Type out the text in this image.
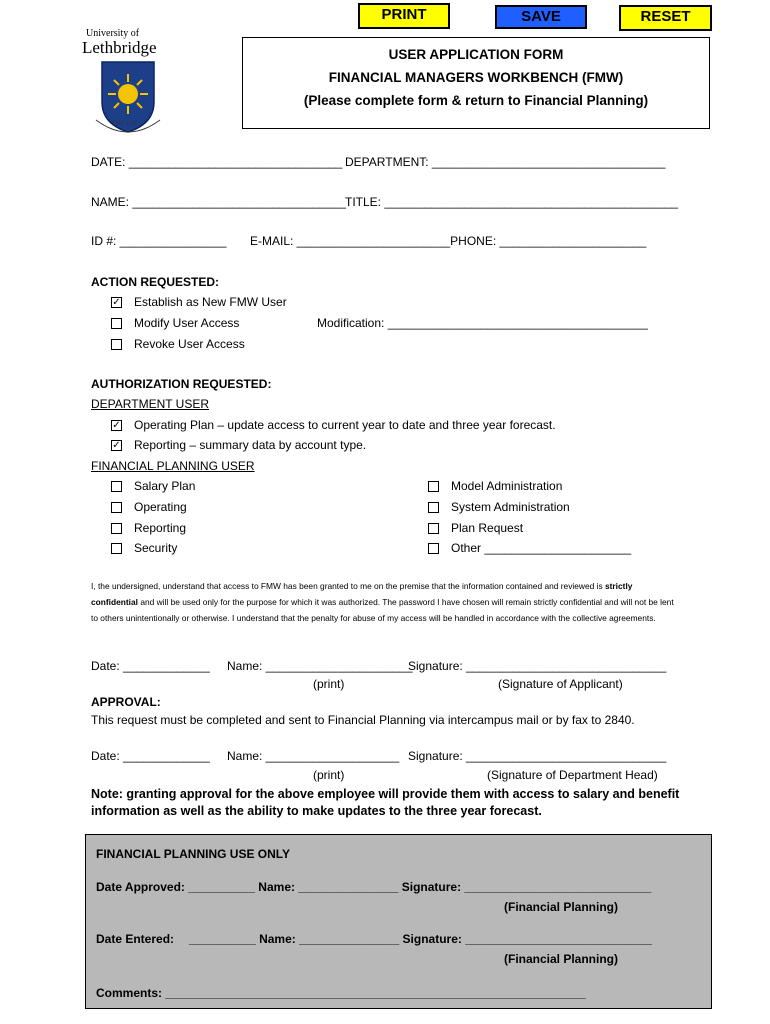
PRINT	SAVE	RESET
University of
Lethbridge
FIAT LUX
USER APPLICATION FORM
FINANCIAL MANAGERS WORKBENCH (FMW)
(Please complete form & return to Financial Planning)
DATE: ________________________________ DEPARTMENT: ___________________________________
NAME: ________________________________ TITLE: ____________________________________________
ID #: ________________ E-MAIL: _______________________PHONE: ______________________
ACTION REQUESTED:
✓ Establish as New FMW User
Modify User Access	Modification: _______________________________________
Revoke User Access
AUTHORIZATION REQUESTED:
DEPARTMENT USER
✓ Operating Plan – update access to current year to date and three year forecast.
✓ Reporting – summary data by account type.
FINANCIAL PLANNING USER
Salary Plan
Operating
Reporting
Security
Model Administration
System Administration
Plan Request
Other ______________________
I, the undersigned, understand that access to FMW has been granted to me on the premise that the information contained and reviewed is strictly confidential and will be used only for the purpose for which it was authorized. The password I have chosen will remain strictly confidential and will not be lent to others unintentionally or otherwise. I understand that the penalty for abuse of my access will be handled in accordance with the collective agreements.
Date: _____________ Name: ______________________
Signature: ______________________________
(print)	(Signature of Applicant)
APPROVAL:
This request must be completed and sent to Financial Planning via intercampus mail or by fax to 2840.
Date: _____________ Name: ____________________ Signature: ______________________________
(print)	(Signature of Department Head)
Note: granting approval for the above employee will provide them with access to salary and benefit information as well as the ability to make updates to the three year forecast.
FINANCIAL PLANNING USE ONLY
Date Approved: __________ Name: _______________ Signature: ____________________________
(Financial Planning)
Date Entered: __________ Name: _______________ Signature: ____________________________
(Financial Planning)
Comments: _______________________________________________________________
